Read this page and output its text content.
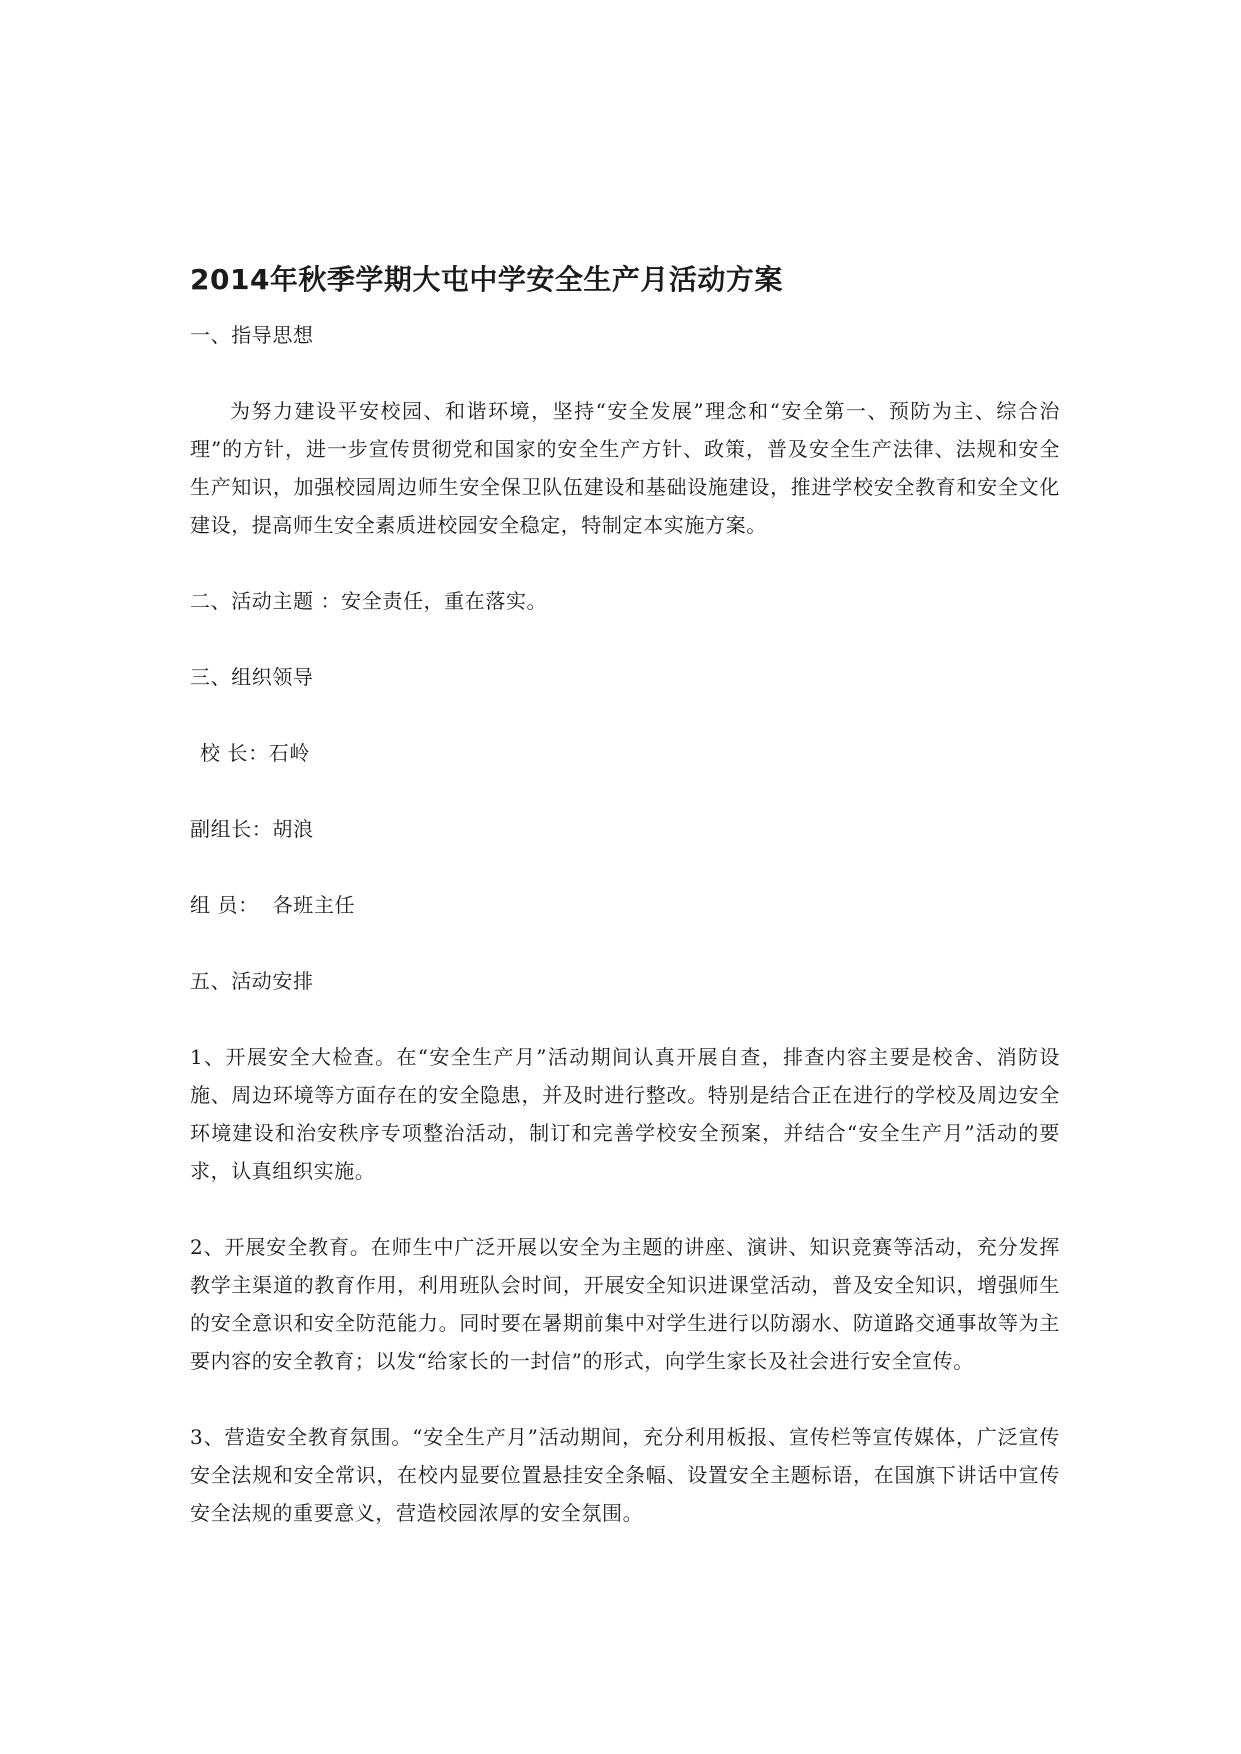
2014年秋季学期大屯中学安全生产月活动方案

一、指导思想

为努力建设平安校园、和谐环境，坚持“安全发展”理念和“安全第一、预防为主、综合治理”的方针，进一步宣传贯彻党和国家的安全生产方针、政策，普及安全生产法律、法规和安全生产知识，加强校园周边师生安全保卫队伍建设和基础设施建设，推进学校安全教育和安全文化建设，提高师生安全素质进校园安全稳定，特制定本实施方案。

二、活动主题 ：安全责任，重在落实。

三、组织领导

校 长：石岭

副组长：胡浪

组 员：  各班主任

五、活动安排

1、开展安全大检查。在“安全生产月”活动期间认真开展自查，排查内容主要是校舍、消防设施、周边环境等方面存在的安全隐患，并及时进行整改。特别是结合正在进行的学校及周边安全环境建设和治安秩序专项整治活动，制订和完善学校安全预案，并结合“安全生产月”活动的要求，认真组织实施。

2、开展安全教育。在师生中广泛开展以安全为主题的讲座、演讲、知识竞赛等活动，充分发挥教学主渠道的教育作用，利用班队会时间，开展安全知识进课堂活动，普及安全知识，增强师生的安全意识和安全防范能力。同时要在暑期前集中对学生进行以防溺水、防道路交通事故等为主要内容的安全教育；以发“给家长的一封信”的形式，向学生家长及社会进行安全宣传。

3、营造安全教育氛围。“安全生产月”活动期间，充分利用板报、宣传栏等宣传媒体，广泛宣传安全法规和安全常识，在校内显要位置悬挂安全条幅、设置安全主题标语，在国旗下讲话中宣传安全法规的重要意义，营造校园浓厚的安全氛围。
